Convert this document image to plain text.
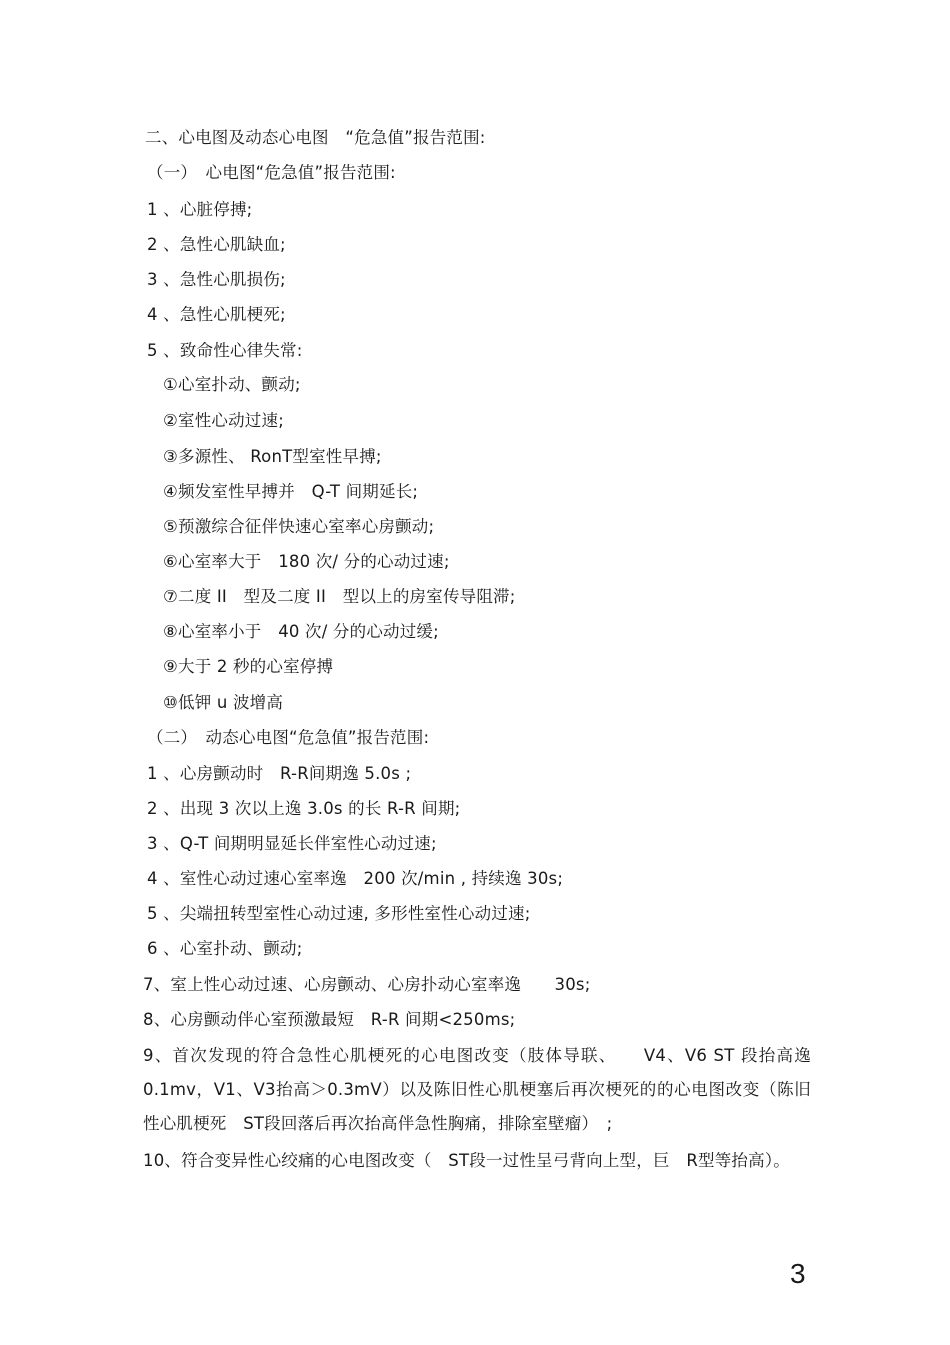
二、心电图及动态心电图　“危急值”报告范围:
（一）　心电图“危急值”报告范围:
1 、心脏停搏;
2 、急性心肌缺血;
3 、急性心肌损伤;
4 、急性心肌梗死;
5 、致命性心律失常:
①心室扑动、颤动;
②室性心动过速;
③多源性、 RonT型室性早搏;
④频发室性早搏并　Q-T 间期延长;
⑤预激综合征伴快速心室率心房颤动;
⑥心室率大于　180 次/ 分的心动过速;
⑦二度 II　型及二度 II　型以上的房室传导阻滞;
⑧心室率小于　40 次/ 分的心动过缓;
⑨大于 2 秒的心室停搏
⑩低钾 u 波增高
（二）　动态心电图“危急值”报告范围:
1 、心房颤动时　R-R间期逸 5.0s ;
2 、出现 3 次以上逸 3.0s 的长 R-R 间期;
3 、Q-T 间期明显延长伴室性心动过速;
4 、室性心动过速心室率逸　200 次/min , 持续逸 30s;
5 、尖端扭转型室性心动过速, 多形性室性心动过速;
6 、心室扑动、颤动;
7、室上性心动过速、心房颤动、心房扑动心室率逸　　30s;
8、心房颤动伴心室预激最短　R-R 间期<250ms;
9、首次发现的符合急性心肌梗死的心电图改变（肢体导联、　　V4、V6 ST 段抬高逸 0.1mv，V1、V3抬高＞0.3mV）以及陈旧性心肌梗塞后再次梗死的的心电图改变（陈旧性心肌梗死　ST段回落后再次抬高伴急性胸痛，排除室壁瘤）　;
10、符合变异性心绞痛的心电图改变（　ST段一过性呈弓背向上型，巨　R型等抬高）。
3
